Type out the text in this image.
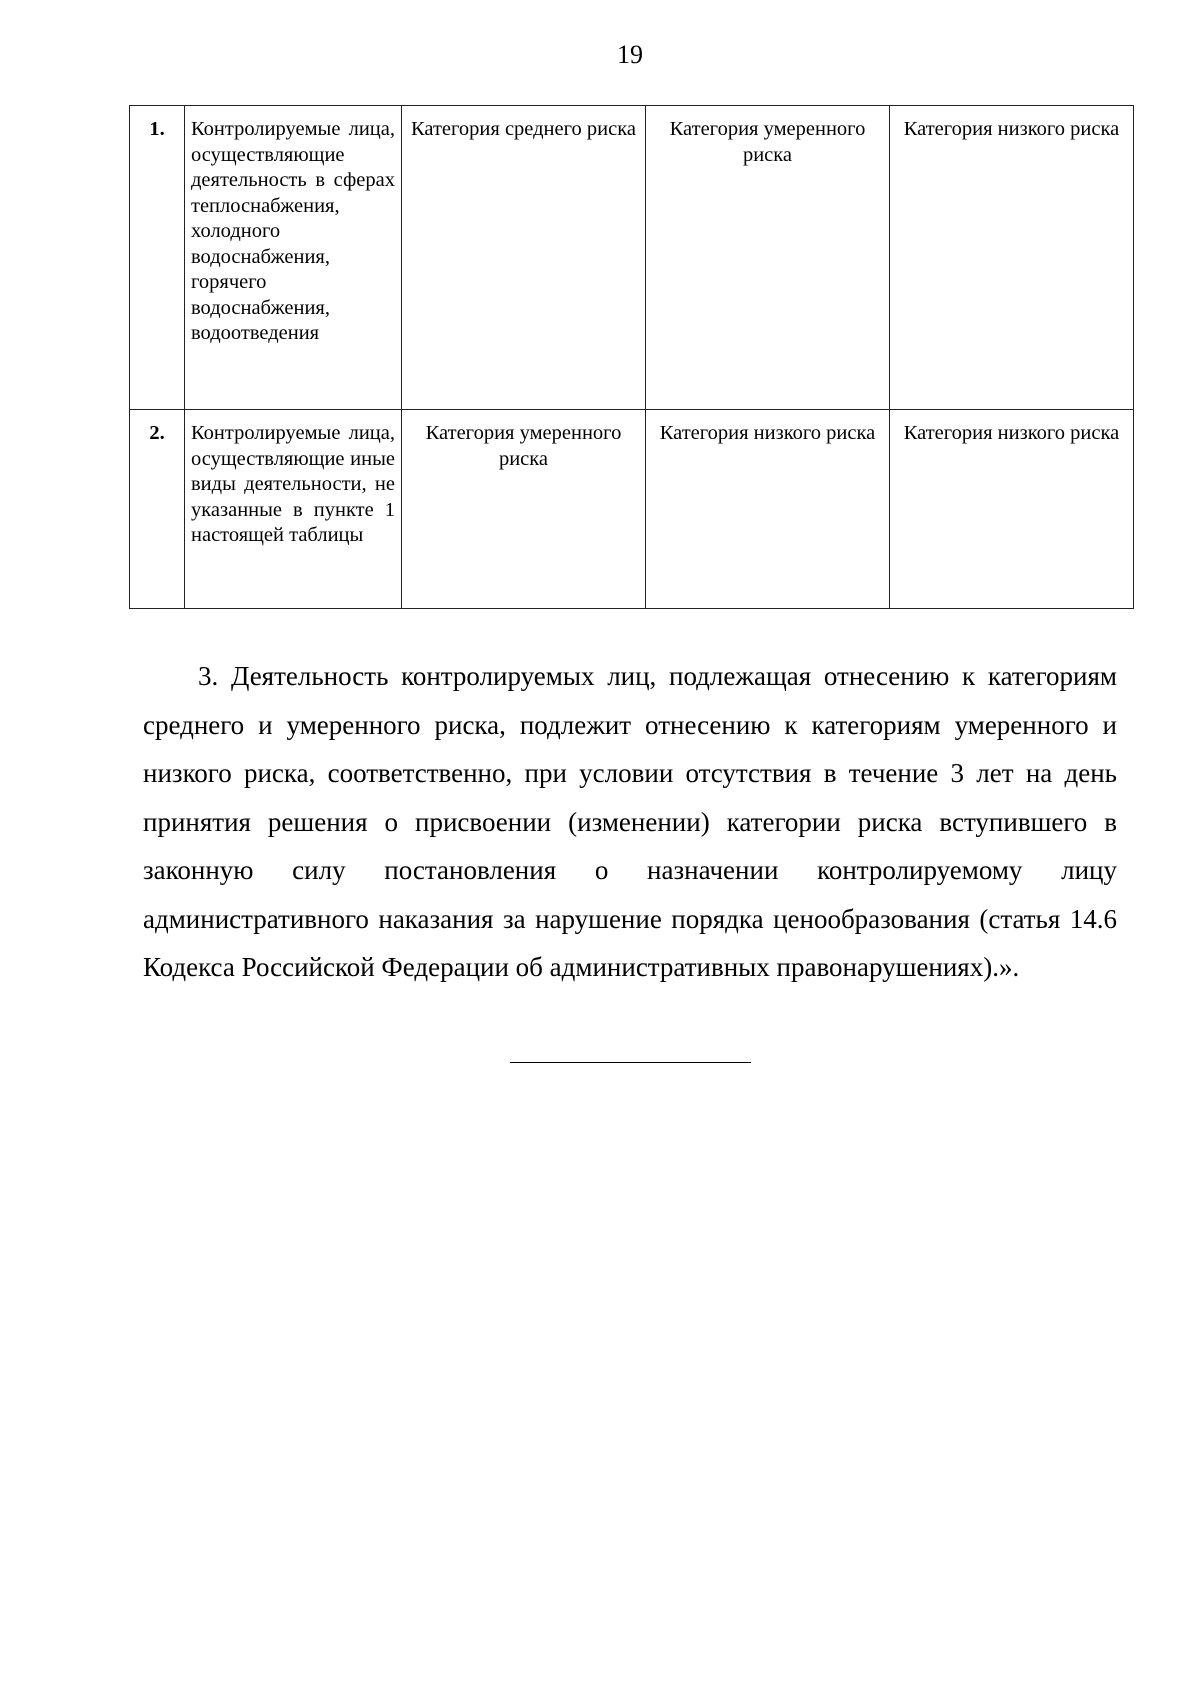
19
1.	Контролируемые лица, осуществляющие деятельность в сферах теплоснабжения, холодного водоснабжения, горячего водоснабжения, водоотведения	Категория среднего риска	Категория умеренного риска	Категория низкого риска
2.	Контролируемые лица, осуществляющие иные виды деятельности, не указанные в пункте 1 настоящей таблицы	Категория умеренного риска	Категория низкого риска	Категория низкого риска

3. Деятельность контролируемых лиц, подлежащая отнесению к категориям среднего и умеренного риска, подлежит отнесению к категориям умеренного и низкого риска, соответственно, при условии отсутствия в течение 3 лет на день принятия решения о присвоении (изменении) категории риска вступившего в законную силу постановления о назначении контролируемому лицу административного наказания за нарушение порядка ценообразования (статья 14.6 Кодекса Российской Федерации об административных правонарушениях).».
